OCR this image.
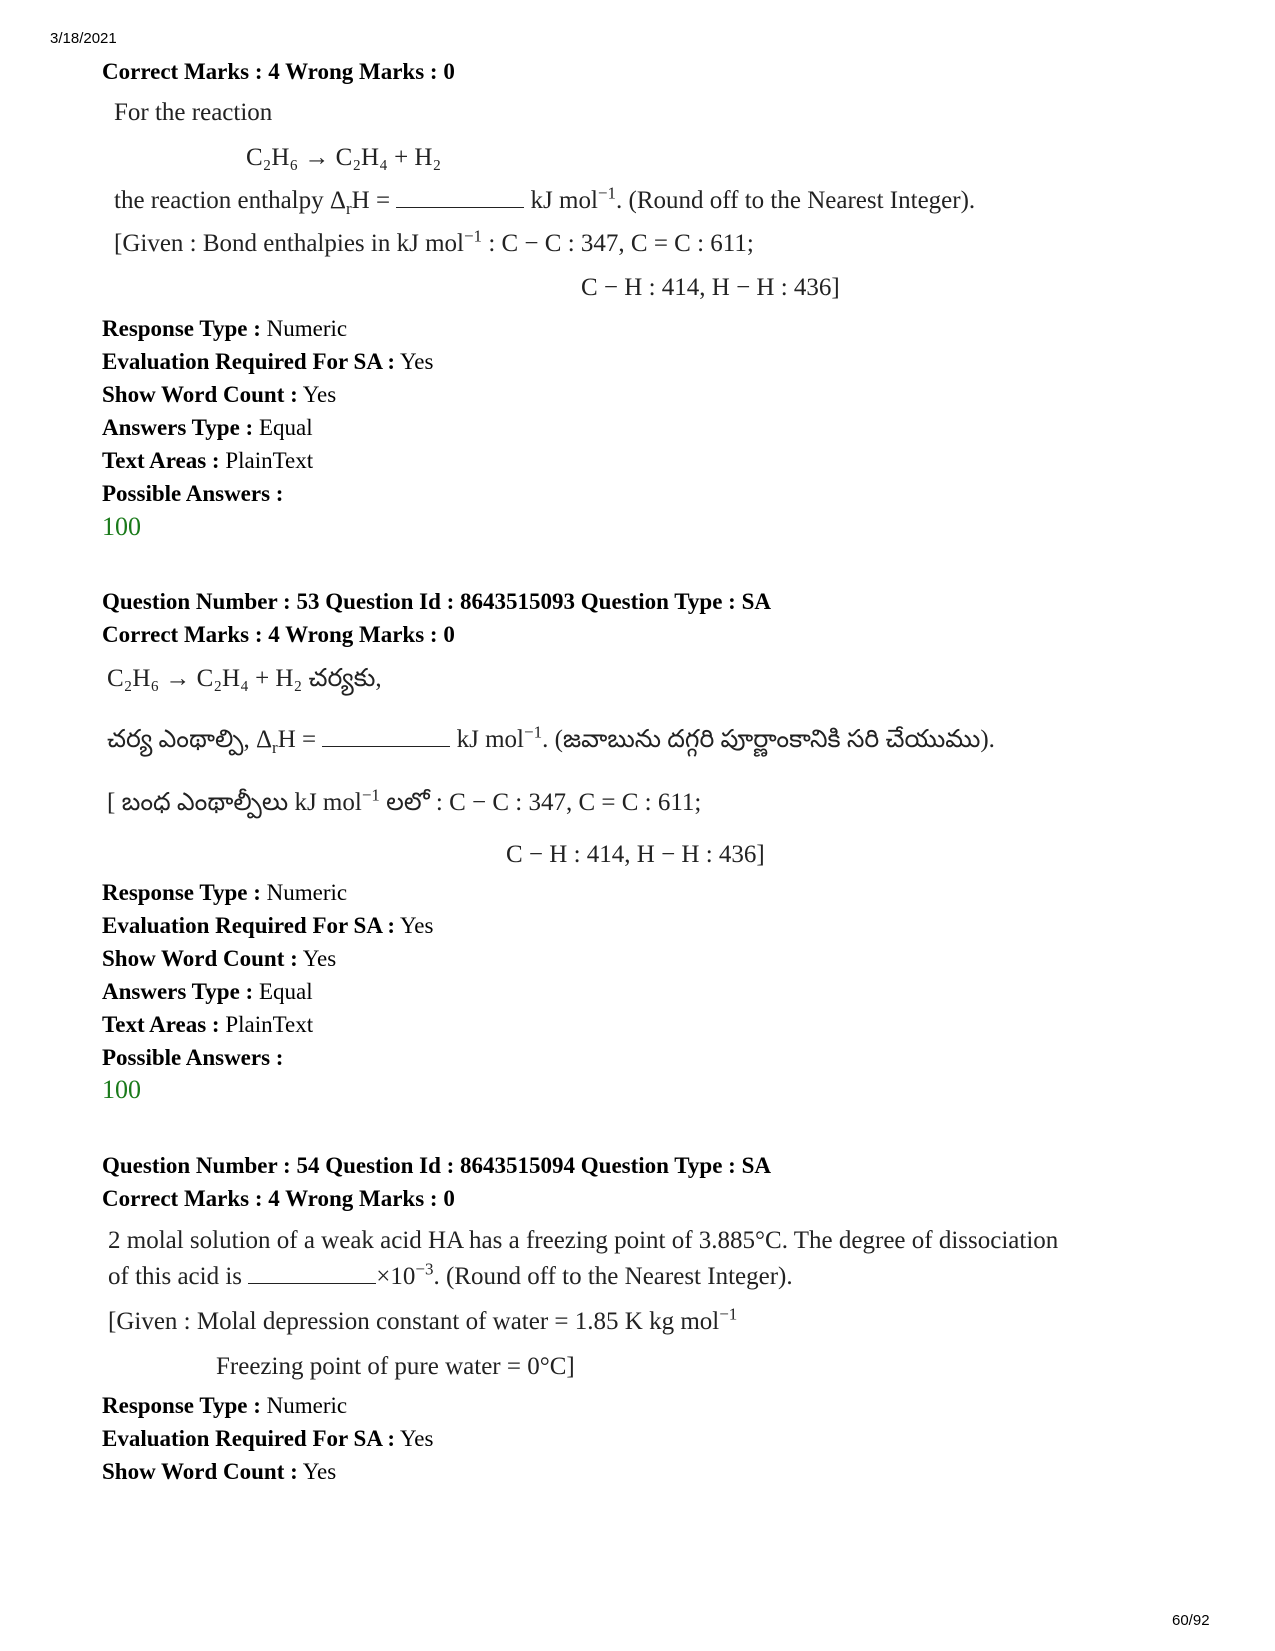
3/18/2021
Correct Marks : 4 Wrong Marks : 0
For the reaction
C₂H₆ → C₂H₄ + H₂
the reaction enthalpy $\Delta_rH$ =	kJ mol$^{-1}$. (Round off to the Nearest Integer).
[Given : Bond enthalpies in kJ mol$^{-1}$ : C − C : 347, C = C : 611;
C − H : 414, H − H : 436]
Response Type : Numeric
Evaluation Required For SA : Yes
Show Word Count : Yes
Answers Type : Equal
Text Areas : PlainText
Possible Answers :
100
Question Number : 53 Question Id : 8643515093 Question Type : SA
Correct Marks : 4 Wrong Marks : 0
C₂H₆ → C₂H₄ + H₂ చర్యకు,
చర్య ఎంథాల్పి, $\Delta_rH$ =	kJ mol$^{-1}$. (జవాబును దగ్గరి పూర్ణాంకానికి సరి చేయుము).
[ బంధ ఎంథాల్పీలు kJ mol$^{-1}$ లలో : C − C : 347, C = C : 611;
C − H : 414, H − H : 436]
Response Type : Numeric
Evaluation Required For SA : Yes
Show Word Count : Yes
Answers Type : Equal
Text Areas : PlainText
Possible Answers :
100
Question Number : 54 Question Id : 8643515094 Question Type : SA
Correct Marks : 4 Wrong Marks : 0
2 molal solution of a weak acid HA has a freezing point of 3.885°C. The degree of dissociation
of this acid is	$\times 10^{-3}$. (Round off to the Nearest Integer).
[Given : Molal depression constant of water = 1.85 K kg mol$^{-1}$
Freezing point of pure water = 0°C]
Response Type : Numeric
Evaluation Required For SA : Yes
Show Word Count : Yes
60/92
